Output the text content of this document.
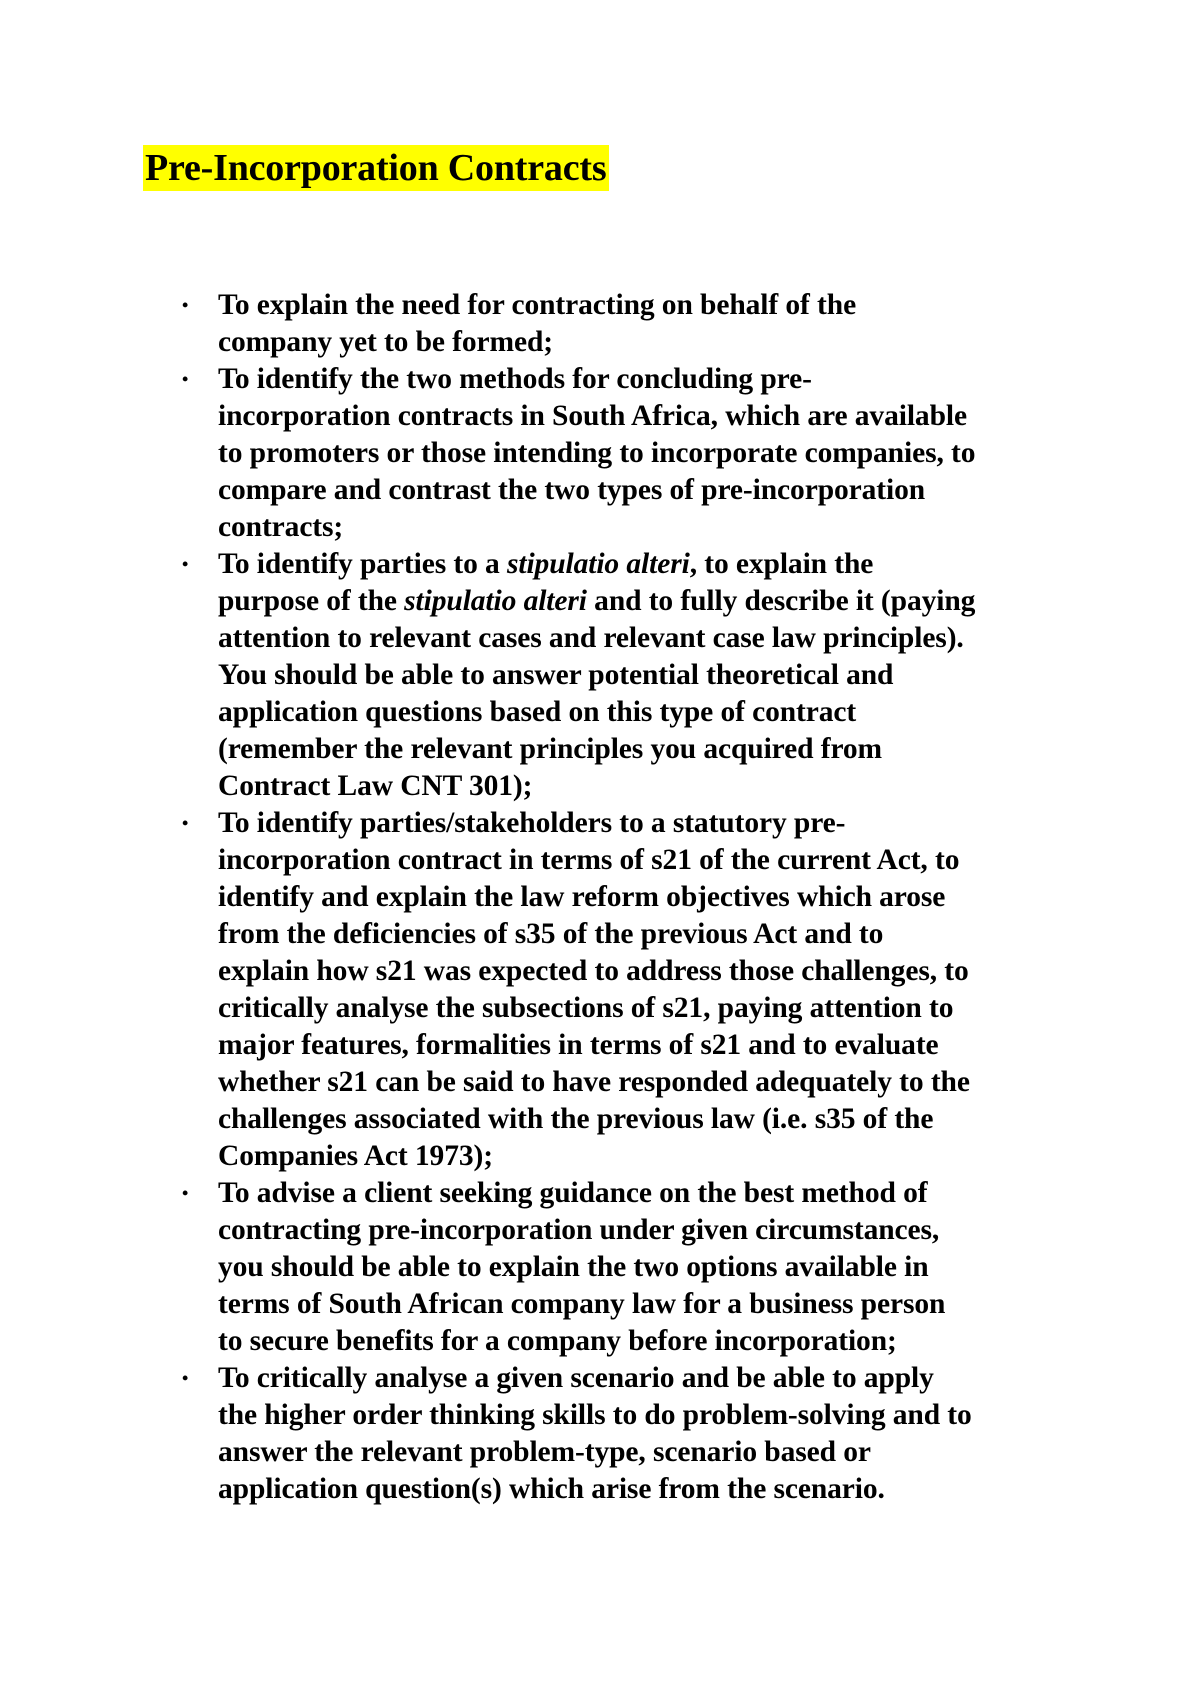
Pre-Incorporation Contracts
• To explain the need for contracting on behalf of the
company yet to be formed;
• To identify the two methods for concluding pre-
incorporation contracts in South Africa, which are available
to promoters or those intending to incorporate companies, to
compare and contrast the two types of pre-incorporation
contracts;
• To identify parties to a stipulatio alteri, to explain the
purpose of the stipulatio alteri and to fully describe it (paying
attention to relevant cases and relevant case law principles).
You should be able to answer potential theoretical and
application questions based on this type of contract
(remember the relevant principles you acquired from
Contract Law CNT 301);
• To identify parties/stakeholders to a statutory pre-
incorporation contract in terms of s21 of the current Act, to
identify and explain the law reform objectives which arose
from the deficiencies of s35 of the previous Act and to
explain how s21 was expected to address those challenges, to
critically analyse the subsections of s21, paying attention to
major features, formalities in terms of s21 and to evaluate
whether s21 can be said to have responded adequately to the
challenges associated with the previous law (i.e. s35 of the
Companies Act 1973);
• To advise a client seeking guidance on the best method of
contracting pre-incorporation under given circumstances,
you should be able to explain the two options available in
terms of South African company law for a business person
to secure benefits for a company before incorporation;
• To critically analyse a given scenario and be able to apply
the higher order thinking skills to do problem-solving and to
answer the relevant problem-type, scenario based or
application question(s) which arise from the scenario.
